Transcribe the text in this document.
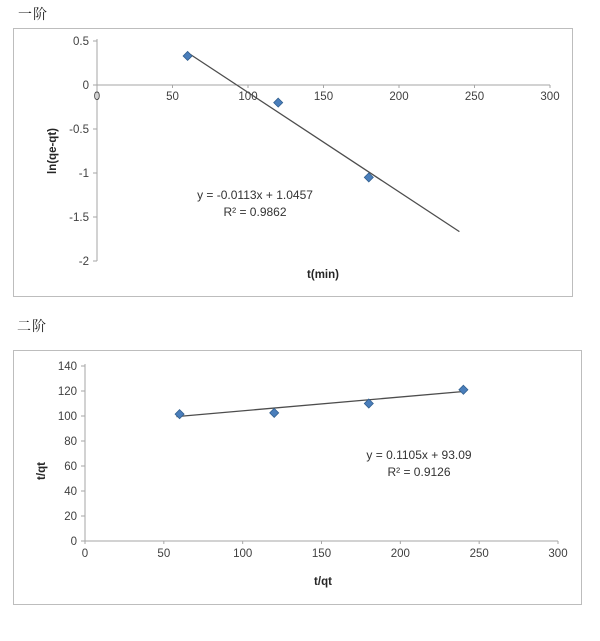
一阶
0.5
0
-0.5
-1
-1.5
-2
0	50	100	150	200	250	300
y = -0.0113x + 1.0457
R² = 0.9862
t(min)
ln(qe-qt)
二阶
0
20
40
60
80
100
120
140
0	50	100	150	200	250	300
y = 0.1105x + 93.09
R² = 0.9126
t/qt
t/qt
